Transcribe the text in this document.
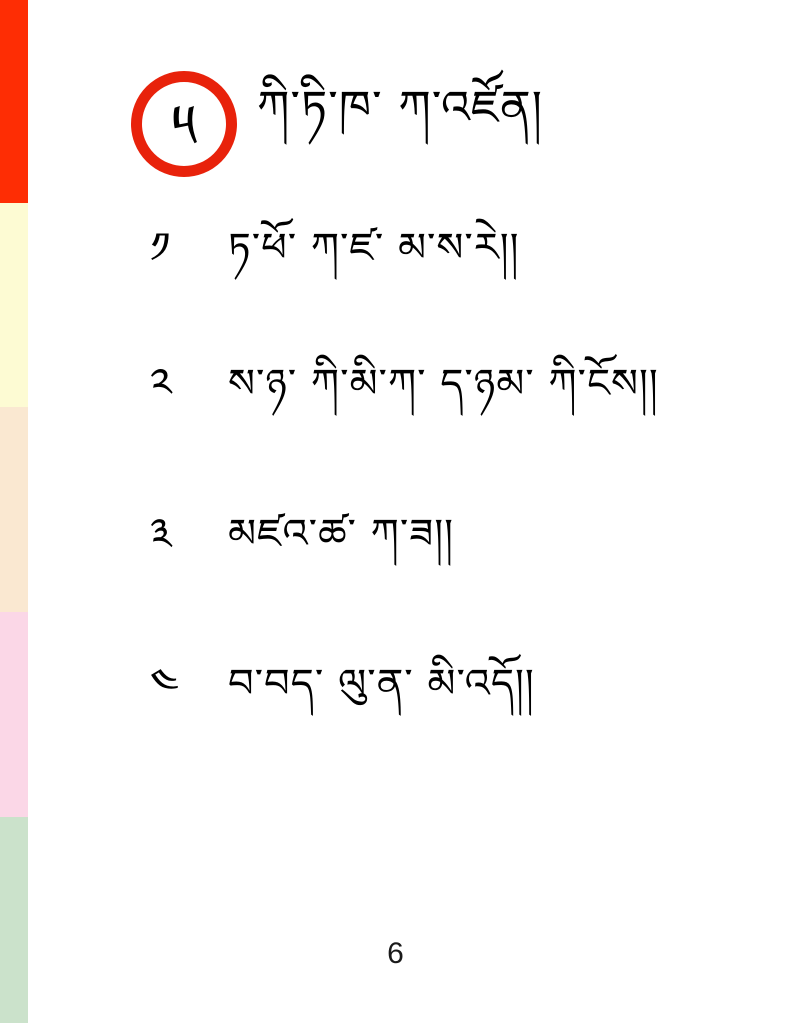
༥ ཀི་ཏི་ཁ་ ཀ་འཛོན།
༡	ཏ་ཕོ་ ཀ་ཛ་ མ་ས་རེ།།
༢	ས་ཉ་ ཀི་མི་ཀ་ ད་ཉམ་ ཀི་ངོས།།
༣	མཛའ་ཚ་ ཀ་ཟ།།
༤	བ་བད་ ལུ་ན་ མི་འདོ།།
6
